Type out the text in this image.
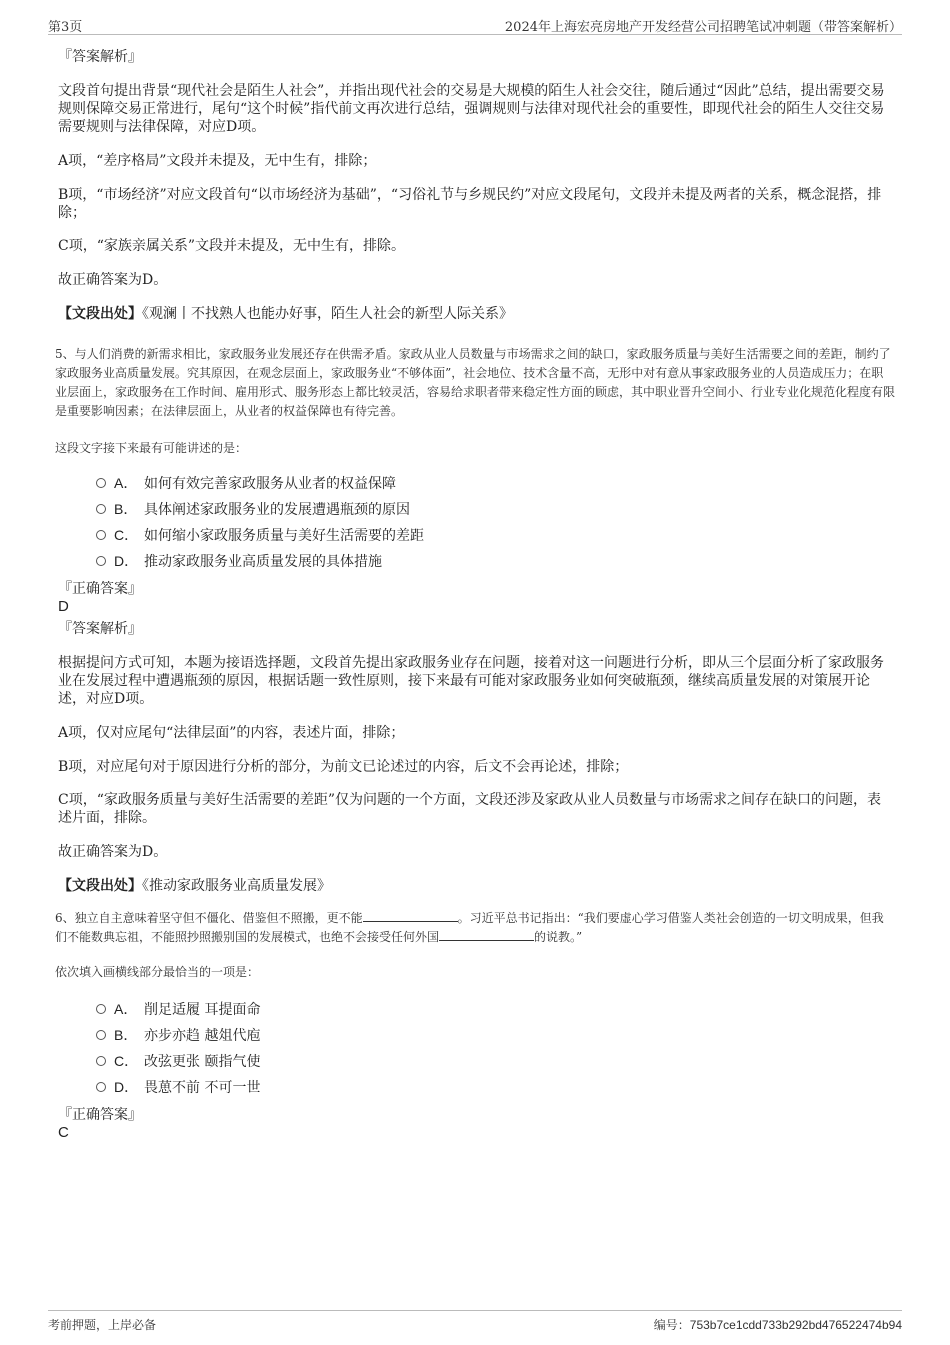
第3页	2024年上海宏亮房地产开发经营公司招聘笔试冲刺题（带答案解析）
『答案解析』
文段首句提出背景“现代社会是陌生人社会”，并指出现代社会的交易是大规模的陌生人社会交往，随后通过“因此”总结，提出需要交易规则保障交易正常进行，尾句“这个时候”指代前文再次进行总结，强调规则与法律对现代社会的重要性，即现代社会的陌生人交往交易需要规则与法律保障，对应D项。
A项，“差序格局”文段并未提及，无中生有，排除；
B项，“市场经济”对应文段首句“以市场经济为基础”，“习俗礼节与乡规民约”对应文段尾句，文段并未提及两者的关系，概念混搭，排除；
C项，“家族亲属关系”文段并未提及，无中生有，排除。
故正确答案为D。
【文段出处】《观澜丨不找熟人也能办好事，陌生人社会的新型人际关系》
5、与人们消费的新需求相比，家政服务业发展还存在供需矛盾。家政从业人员数量与市场需求之间的缺口，家政服务质量与美好生活需要之间的差距，制约了家政服务业高质量发展。究其原因，在观念层面上，家政服务业“不够体面”，社会地位、技术含量不高，无形中对有意从事家政服务业的人员造成压力；在职业层面上，家政服务在工作时间、雇用形式、服务形态上都比较灵活，容易给求职者带来稳定性方面的顾虑，其中职业晋升空间小、行业专业化规范化程度有限是重要影响因素；在法律层面上，从业者的权益保障也有待完善。
这段文字接下来最有可能讲述的是：
A． 如何有效完善家政服务从业者的权益保障
B． 具体阐述家政服务业的发展遭遇瓶颈的原因
C． 如何缩小家政服务质量与美好生活需要的差距
D． 推动家政服务业高质量发展的具体措施
『正确答案』
D
『答案解析』
根据提问方式可知，本题为接语选择题，文段首先提出家政服务业存在问题，接着对这一问题进行分析，即从三个层面分析了家政服务业在发展过程中遭遇瓶颈的原因，根据话题一致性原则，接下来最有可能对家政服务业如何突破瓶颈，继续高质量发展的对策展开论述，对应D项。
A项，仅对应尾句“法律层面”的内容，表述片面，排除；
B项，对应尾句对于原因进行分析的部分，为前文已论述过的内容，后文不会再论述，排除；
C项，“家政服务质量与美好生活需要的差距”仅为问题的一个方面，文段还涉及家政从业人员数量与市场需求之间存在缺口的问题，表述片面，排除。
故正确答案为D。
【文段出处】《推动家政服务业高质量发展》
6、独立自主意味着坚守但不僵化、借鉴但不照搬，更不能	。习近平总书记指出：“我们要虚心学习借鉴人类社会创造的一切文明成果，但我们不能数典忘祖，不能照抄照搬别国的发展模式，也绝不会接受任何外国	的说教。”
依次填入画横线部分最恰当的一项是：
A． 削足适履 耳提面命
B． 亦步亦趋 越俎代庖
C． 改弦更张 颐指气使
D． 畏葸不前 不可一世
『正确答案』
C
考前押题，上岸必备	编号：753b7ce1cdd733b292bd476522474b94
